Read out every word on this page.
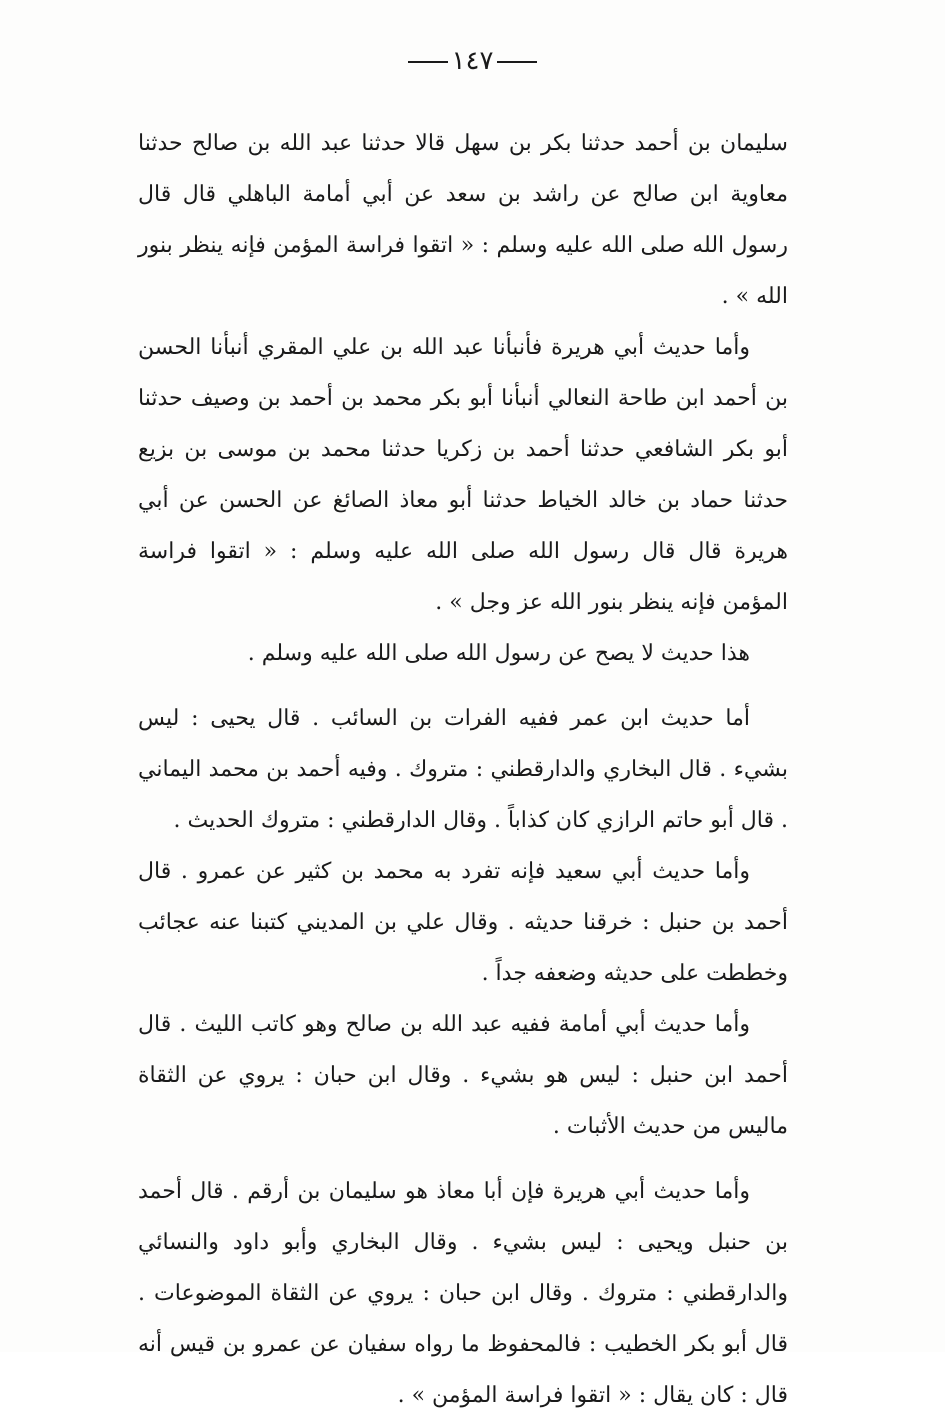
١٤٧

سليمان بن أحمد حدثنا بكر بن سهل قالا حدثنا عبد الله بن صالح حدثنا معاوية ابن صالح عن راشد بن سعد عن أبي أمامة الباهلي قال قال رسول الله صلى الله عليه وسلم : « اتقوا فراسة المؤمن فإنه ينظر بنور الله » .

وأما حديث أبي هريرة فأنبأنا عبد الله بن علي المقري أنبأنا الحسن بن أحمد ابن طاحة النعالي أنبأنا أبو بكر محمد بن أحمد بن وصيف حدثنا أبو بكر الشافعي حدثنا أحمد بن زكريا حدثنا محمد بن موسى بن بزيع حدثنا حماد بن خالد الخياط حدثنا أبو معاذ الصائغ عن الحسن عن أبي هريرة قال قال رسول الله صلى الله عليه وسلم : « اتقوا فراسة المؤمن فإنه ينظر بنور الله عز وجل » .

هذا حديث لا يصح عن رسول الله صلى الله عليه وسلم .

أما حديث ابن عمر ففيه الفرات بن السائب . قال يحيى : ليس بشيء . قال البخاري والدارقطني : متروك . وفيه أحمد بن محمد اليماني . قال أبو حاتم الرازي كان كذاباً . وقال الدارقطني : متروك الحديث .

وأما حديث أبي سعيد فإنه تفرد به محمد بن كثير عن عمرو . قال أحمد بن حنبل : خرقنا حديثه . وقال علي بن المديني كتبنا عنه عجائب وخططت على حديثه وضعفه جداً .

وأما حديث أبي أمامة ففيه عبد الله بن صالح وهو كاتب الليث . قال أحمد ابن حنبل : ليس هو بشيء . وقال ابن حبان : يروي عن الثقاة ماليس من حديث الأثبات .

وأما حديث أبي هريرة فإن أبا معاذ هو سليمان بن أرقم . قال أحمد بن حنبل ويحيى : ليس بشيء . وقال البخاري وأبو داود والنسائي والدارقطني : متروك . وقال ابن حبان : يروي عن الثقاة الموضوعات . قال أبو بكر الخطيب : فالمحفوظ ما رواه سفيان عن عمرو بن قيس أنه قال : كان يقال : « اتقوا فراسة المؤمن » .
